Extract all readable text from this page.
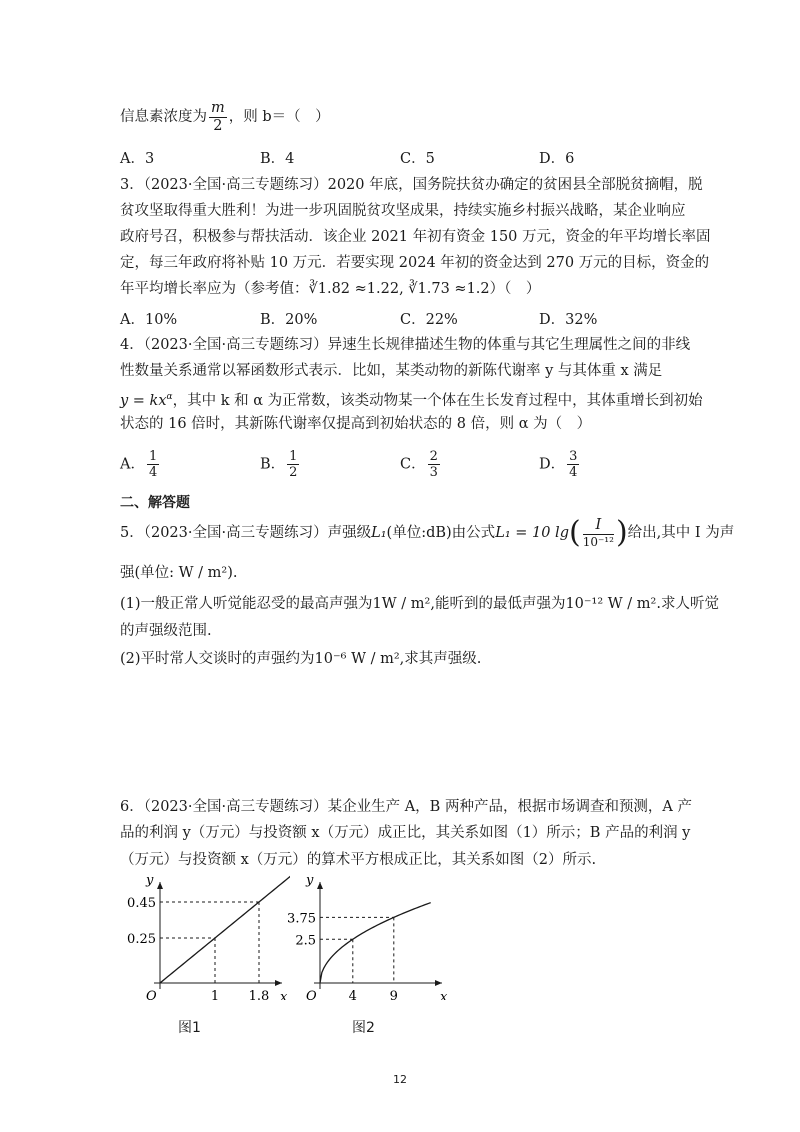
信息素浓度为 $\frac{m}{2}$ ，则 b＝（　）
A．3	B．4	C．5	D．6
3．（2023·全国·高三专题练习）2020 年底，国务院扶贫办确定的贫困县全部脱贫摘帽，脱
贫攻坚取得重大胜利！为进一步巩固脱贫攻坚成果，持续实施乡村振兴战略，某企业响应
政府号召，积极参与帮扶活动．该企业 2021 年初有资金 150 万元，资金的年平均增长率固
定，每三年政府将补贴 10 万元．若要实现 2024 年初的资金达到 270 万元的目标，资金的
年平均增长率应为（参考值：∛1.82 ≈1.22, ∛1.73 ≈1.2）（　）
A．10%	B．20%	C．22%	D．32%
4．（2023·全国·高三专题练习）异速生长规律描述生物的体重与其它生理属性之间的非线
性数量关系通常以幂函数形式表示．比如，某类动物的新陈代谢率 y 与其体重 x 满足
$y = kx^\alpha$，其中 k 和 α 为正常数，该类动物某一个体在生长发育过程中，其体重增长到初始
状态的 16 倍时，其新陈代谢率仅提高到初始状态的 8 倍，则 α 为（　）
A． $\frac{1}{4}$	B． $\frac{1}{2}$	C． $\frac{2}{3}$	D． $\frac{3}{4}$
二、解答题
5．（2023·全国·高三专题练习）声强级L₁(单位:dB)由公式L₁ = 10 $\lg( \frac{I}{\text{10⁻¹²}}$ )给出,其中 I 为声
强(单位: W / m²).
(1)一般正常人听觉能忍受的最高声强为1W / m²,能听到的最低声强为10⁻¹² W / m².求人听觉
的声强级范围.
(2)平时常人交谈时的声强约为10⁻⁶ W / m²,求其声强级.
6．（2023·全国·高三专题练习）某企业生产 A，B 两种产品，根据市场调查和预测，A 产
品的利润 y（万元）与投资额 x（万元）成正比，其关系如图（1）所示；B 产品的利润 y
（万元）与投资额 x（万元）的算术平方根成正比，其关系如图（2）所示.
x
y
O	1
0.25
1.8
0.45
x
y
O 4
2.5
9
3.75
图1	图2
12
